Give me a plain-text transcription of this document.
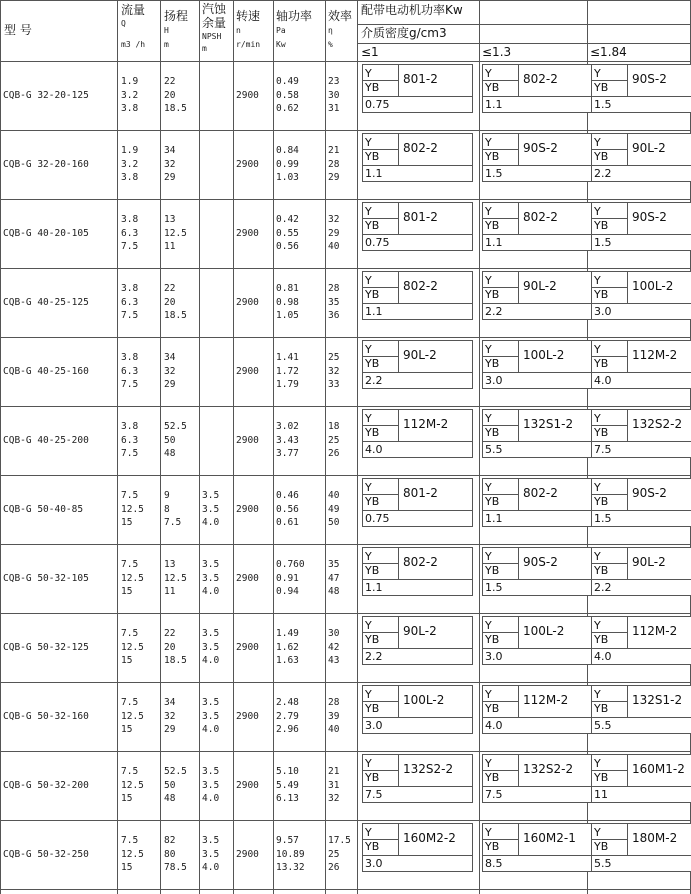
型 号
流量
Q
m3 /h
扬程
H
m
汽蚀
余量
NPSH
m
转速
n
r/min
轴功率
Pa
Kw
效率
η
%
配带电动机功率Kw
介质密度g/cm3
≤1	≤1.3	≤1.84
CQB-G 32-20-125
1.9
3.2
3.8
22
20
18.5
0.49
0.58
0.62
23
30
31
2900
Y
YB
801-2
0.75
Y
YB
802-2
1.1
Y
YB
90S-2
1.5
CQB-G 32-20-160
1.9
3.2
3.8
34
32
29
0.84
0.99
1.03
21
28
29
2900
Y
YB
802-2
1.1
Y
YB
90S-2
1.5
Y
YB
90L-2
2.2
CQB-G 40-20-105
3.8
6.3
7.5
13
12.5
11
0.42
0.55
0.56
32
29
40
2900
Y
YB
801-2
0.75
Y
YB
802-2
1.1
Y
YB
90S-2
1.5
CQB-G 40-25-125
3.8
6.3
7.5
22
20
18.5
0.81
0.98
1.05
28
35
36
2900
Y
YB
802-2
1.1
Y
YB
90L-2
2.2
Y
YB
100L-2
3.0
CQB-G 40-25-160
3.8
6.3
7.5
34
32
29
1.41
1.72
1.79
25
32
33
2900
Y
YB
90L-2
2.2
Y
YB
100L-2
3.0
Y
YB
112M-2
4.0
CQB-G 40-25-200
3.8
6.3
7.5
52.5
50
48
3.02
3.43
3.77
18
25
26
2900
Y
YB
112M-2
4.0
Y
YB
132S1-2
5.5
Y
YB
132S2-2
7.5
CQB-G 50-40-85
7.5
12.5
15
9
8
7.5
3.5
3.5
4.0
0.46
0.56
0.61
40
49
50
2900
Y
YB
801-2
0.75
Y
YB
802-2
1.1
Y
YB
90S-2
1.5
CQB-G 50-32-105
7.5
12.5
15
13
12.5
11
3.5
3.5
4.0
0.760
0.91
0.94
35
47
48
2900
Y
YB
802-2
1.1
Y
YB
90S-2
1.5
Y
YB
90L-2
2.2
CQB-G 50-32-125
7.5
12.5
15
22
20
18.5
3.5
3.5
4.0
1.49
1.62
1.63
30
42
43
2900
Y
YB
90L-2
2.2
Y
YB
100L-2
3.0
Y
YB
112M-2
4.0
CQB-G 50-32-160
7.5
12.5
15
34
32
29
3.5
3.5
4.0
2.48
2.79
2.96
28
39
40
2900
Y
YB
100L-2
3.0
Y
YB
112M-2
4.0
Y
YB
132S1-2
5.5
CQB-G 50-32-200
7.5
12.5
15
52.5
50
48
3.5
3.5
4.0
5.10
5.49
6.13
21
31
32
2900
Y
YB
132S2-2
7.5
Y
YB
132S2-2
7.5
Y
YB
160M1-2
11
CQB-G 50-32-250
7.5
12.5
15
82
80
78.5
3.5
3.5
4.0
9.57
10.89
13.32
17.5
25
26
2900
Y
YB
160M2-2
3.0
Y
YB
160M2-1
8.5
Y
YB
180M-2
5.5
